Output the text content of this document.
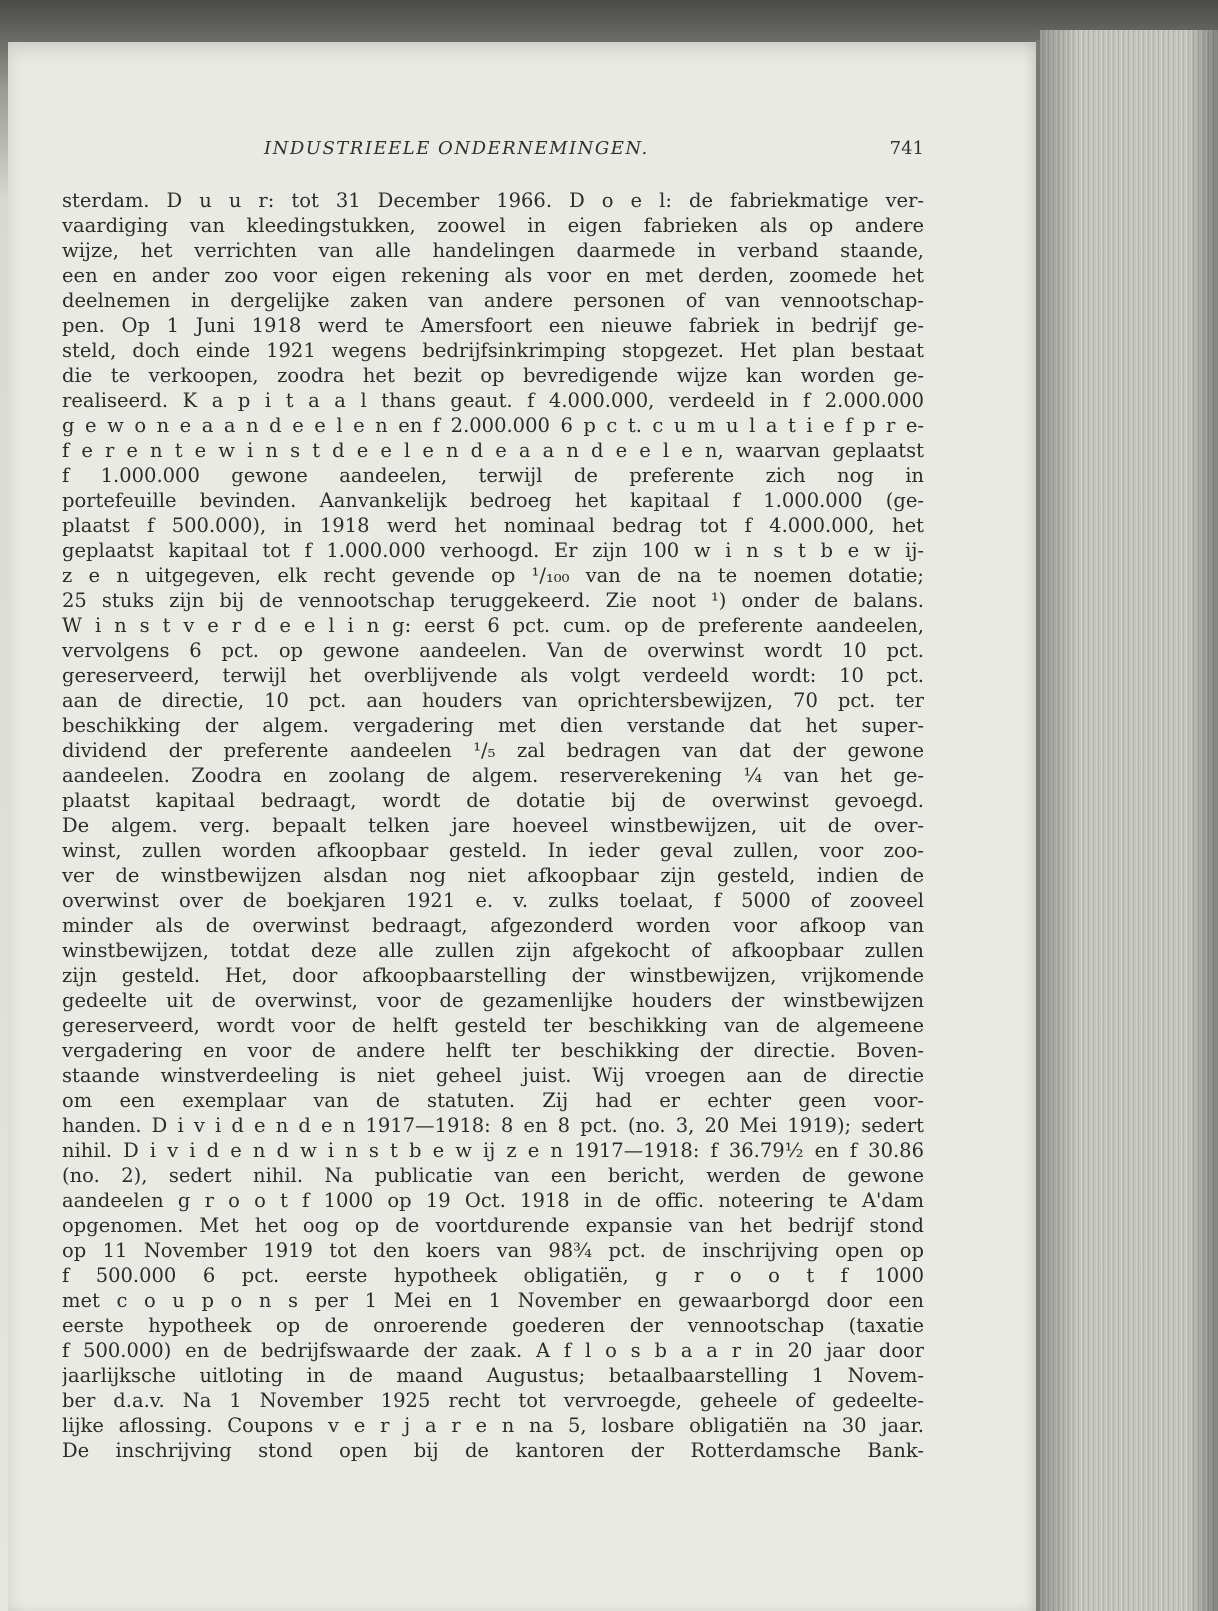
INDUSTRIEELE ONDERNEMINGEN.	741
sterdam. D u u r: tot 31 December 1966. D o e l: de fabriekmatige ver-
vaardiging van kleedingstukken, zoowel in eigen fabrieken als op andere
wijze, het verrichten van alle handelingen daarmede in verband staande,
een en ander zoo voor eigen rekening als voor en met derden, zoomede het
deelnemen in dergelijke zaken van andere personen of van vennootschap-
pen. Op 1 Juni 1918 werd te Amersfoort een nieuwe fabriek in bedrijf ge-
steld, doch einde 1921 wegens bedrijfsinkrimping stopgezet. Het plan bestaat
die te verkoopen, zoodra het bezit op bevredigende wijze kan worden ge-
realiseerd. K a p i t a a l thans geaut. f 4.000.000, verdeeld in f 2.000.000
g e w o n e a a n d e e l e n en f 2.000.000 6 p c t. c u m u l a t i e f p r e-
f e r e n t e w i n s t d e e l e n d e a a n d e e l e n, waarvan geplaatst
f 1.000.000 gewone aandeelen, terwijl de preferente zich nog in
portefeuille bevinden. Aanvankelijk bedroeg het kapitaal f 1.000.000 (ge-
plaatst f 500.000), in 1918 werd het nominaal bedrag tot f 4.000.000, het
geplaatst kapitaal tot f 1.000.000 verhoogd. Er zijn 100 w i n s t b e w ij-
z e n uitgegeven, elk recht gevende op ¹/₁₀₀ van de na te noemen dotatie;
25 stuks zijn bij de vennootschap teruggekeerd. Zie noot ¹) onder de balans.
W i n s t v e r d e e l i n g: eerst 6 pct. cum. op de preferente aandeelen,
vervolgens 6 pct. op gewone aandeelen. Van de overwinst wordt 10 pct.
gereserveerd, terwijl het overblijvende als volgt verdeeld wordt: 10 pct.
aan de directie, 10 pct. aan houders van oprichtersbewijzen, 70 pct. ter
beschikking der algem. vergadering met dien verstande dat het super-
dividend der preferente aandeelen ¹/₅ zal bedragen van dat der gewone
aandeelen. Zoodra en zoolang de algem. reserverekening ¼ van het ge-
plaatst kapitaal bedraagt, wordt de dotatie bij de overwinst gevoegd.
De algem. verg. bepaalt telken jare hoeveel winstbewijzen, uit de over-
winst, zullen worden afkoopbaar gesteld. In ieder geval zullen, voor zoo-
ver de winstbewijzen alsdan nog niet afkoopbaar zijn gesteld, indien de
overwinst over de boekjaren 1921 e. v. zulks toelaat, f 5000 of zooveel
minder als de overwinst bedraagt, afgezonderd worden voor afkoop van
winstbewijzen, totdat deze alle zullen zijn afgekocht of afkoopbaar zullen
zijn gesteld. Het, door afkoopbaarstelling der winstbewijzen, vrijkomende
gedeelte uit de overwinst, voor de gezamenlijke houders der winstbewijzen
gereserveerd, wordt voor de helft gesteld ter beschikking van de algemeene
vergadering en voor de andere helft ter beschikking der directie. Boven-
staande winstverdeeling is niet geheel juist. Wij vroegen aan de directie
om een exemplaar van de statuten. Zij had er echter geen voor-
handen. D i v i d e n d e n 1917—1918: 8 en 8 pct. (no. 3, 20 Mei 1919); sedert
nihil. D i v i d e n d w i n s t b e w ij z e n 1917—1918: f 36.79½ en f 30.86
(no. 2), sedert nihil. Na publicatie van een bericht, werden de gewone
aandeelen g r o o t f 1000 op 19 Oct. 1918 in de offic. noteering te A'dam
opgenomen. Met het oog op de voortdurende expansie van het bedrijf stond
op 11 November 1919 tot den koers van 98¾ pct. de inschrijving open op
f 500.000 6 pct. eerste hypotheek obligatiën, g r o o t f 1000
met c o u p o n s per 1 Mei en 1 November en gewaarborgd door een
eerste hypotheek op de onroerende goederen der vennootschap (taxatie
f 500.000) en de bedrijfswaarde der zaak. A f l o s b a a r in 20 jaar door
jaarlijksche uitloting in de maand Augustus; betaalbaarstelling 1 Novem-
ber d.a.v. Na 1 November 1925 recht tot vervroegde, geheele of gedeelte-
lijke aflossing. Coupons v e r j a r e n na 5, losbare obligatiën na 30 jaar.
De inschrijving stond open bij de kantoren der Rotterdamsche Bank-
